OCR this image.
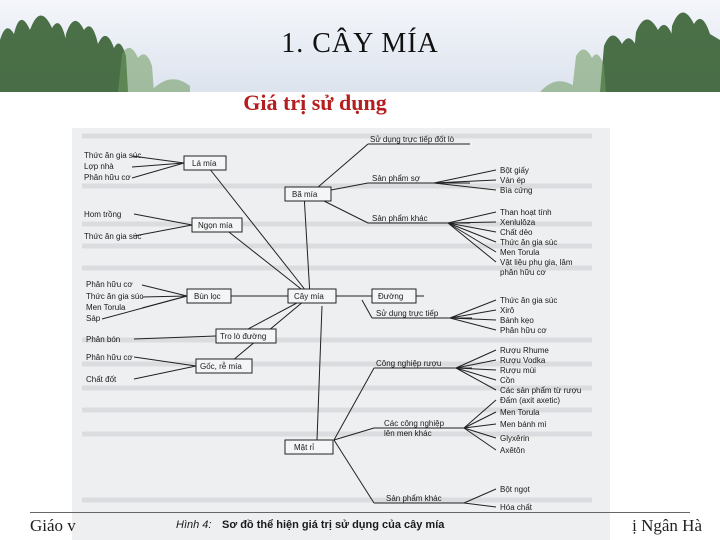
1. CÂY MÍA
Giá trị sử dụng
Lá mía
Ngọn mía
Bùn lọc
Tro lò đường
Gốc, rễ mía
Bã mía
Cây mía	Đường
Mật rỉ
Thức ăn gia súc
Lợp nhà
Phân hữu cơ
Hom trồng
Thức ăn gia súc
Phân hữu cơ
Thức ăn gia súc
Men Torula
Sáp
Phân bón
Phân hữu cơ
Chất đốt
Sử dụng trực tiếp đốt lò
Sản phẩm sợ
Sản phẩm khác
Sử dụng trực tiếp
Công nghiệp rượu
Các công nghiệp
lên men khác
Sản phẩm khác
Bột giấy
Ván ép
Bìa cứng
Than hoạt tính
Xenlulôza
Chất dẻo
Thức ăn gia súc
Men Torula
Vật liệu phụ gia, lâm
phân hữu cơ
Thức ăn gia súc
Xirô
Bánh kẹo
Phân hữu cơ
Rượu Rhume
Rượu Vodka
Rượu mùi
Cồn
Các sản phẩm từ rượu
Đấm (axit axetic)
Men Torula
Men bánh mì
Glyxêrin
Axêtôn
Bột ngọt
Hóa chất
Hình 4: Sơ đồ thể hiện giá trị sử dụng của cây mía
Giáo v	ị Ngân Hà
